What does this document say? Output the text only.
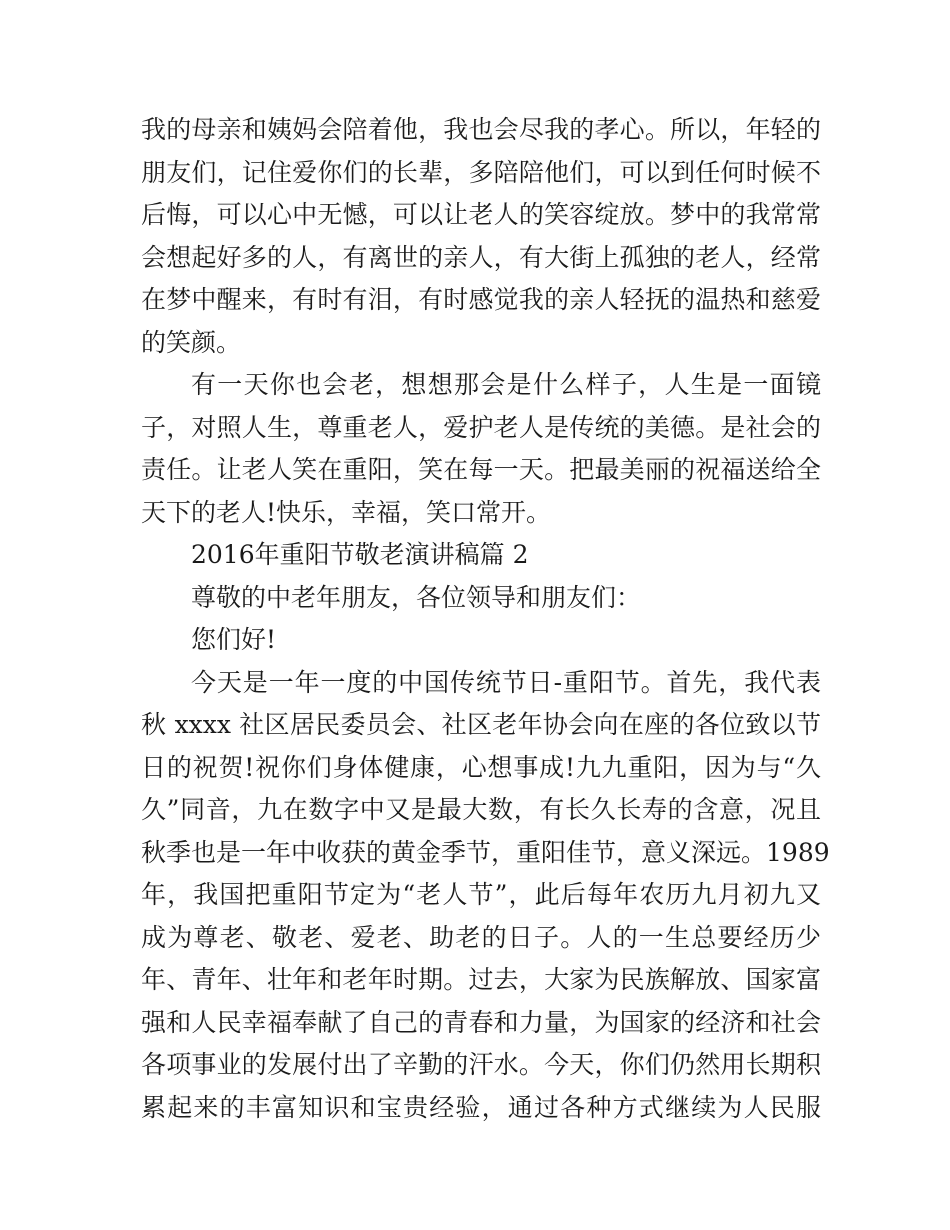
我的母亲和姨妈会陪着他，我也会尽我的孝心。所以，年轻的
朋友们，记住爱你们的长辈，多陪陪他们，可以到任何时候不
后悔，可以心中无憾，可以让老人的笑容绽放。梦中的我常常
会想起好多的人，有离世的亲人，有大街上孤独的老人，经常
在梦中醒来，有时有泪，有时感觉我的亲人轻抚的温热和慈爱
的笑颜。
有一天你也会老，想想那会是什么样子，人生是一面镜
子，对照人生，尊重老人，爱护老人是传统的美德。是社会的
责任。让老人笑在重阳，笑在每一天。把最美丽的祝福送给全
天下的老人!快乐，幸福，笑口常开。
2016年重阳节敬老演讲稿篇 2
尊敬的中老年朋友，各位领导和朋友们：
您们好!
今天是一年一度的中国传统节日-重阳节。首先，我代表
秋 xxxx 社区居民委员会、社区老年协会向在座的各位致以节
日的祝贺!祝你们身体健康，心想事成!九九重阳，因为与“久
久”同音，九在数字中又是最大数，有长久长寿的含意，况且
秋季也是一年中收获的黄金季节，重阳佳节，意义深远。1989
年，我国把重阳节定为“老人节”，此后每年农历九月初九又
成为尊老、敬老、爱老、助老的日子。人的一生总要经历少
年、青年、壮年和老年时期。过去，大家为民族解放、国家富
强和人民幸福奉献了自己的青春和力量，为国家的经济和社会
各项事业的发展付出了辛勤的汗水。今天，你们仍然用长期积
累起来的丰富知识和宝贵经验，通过各种方式继续为人民服
